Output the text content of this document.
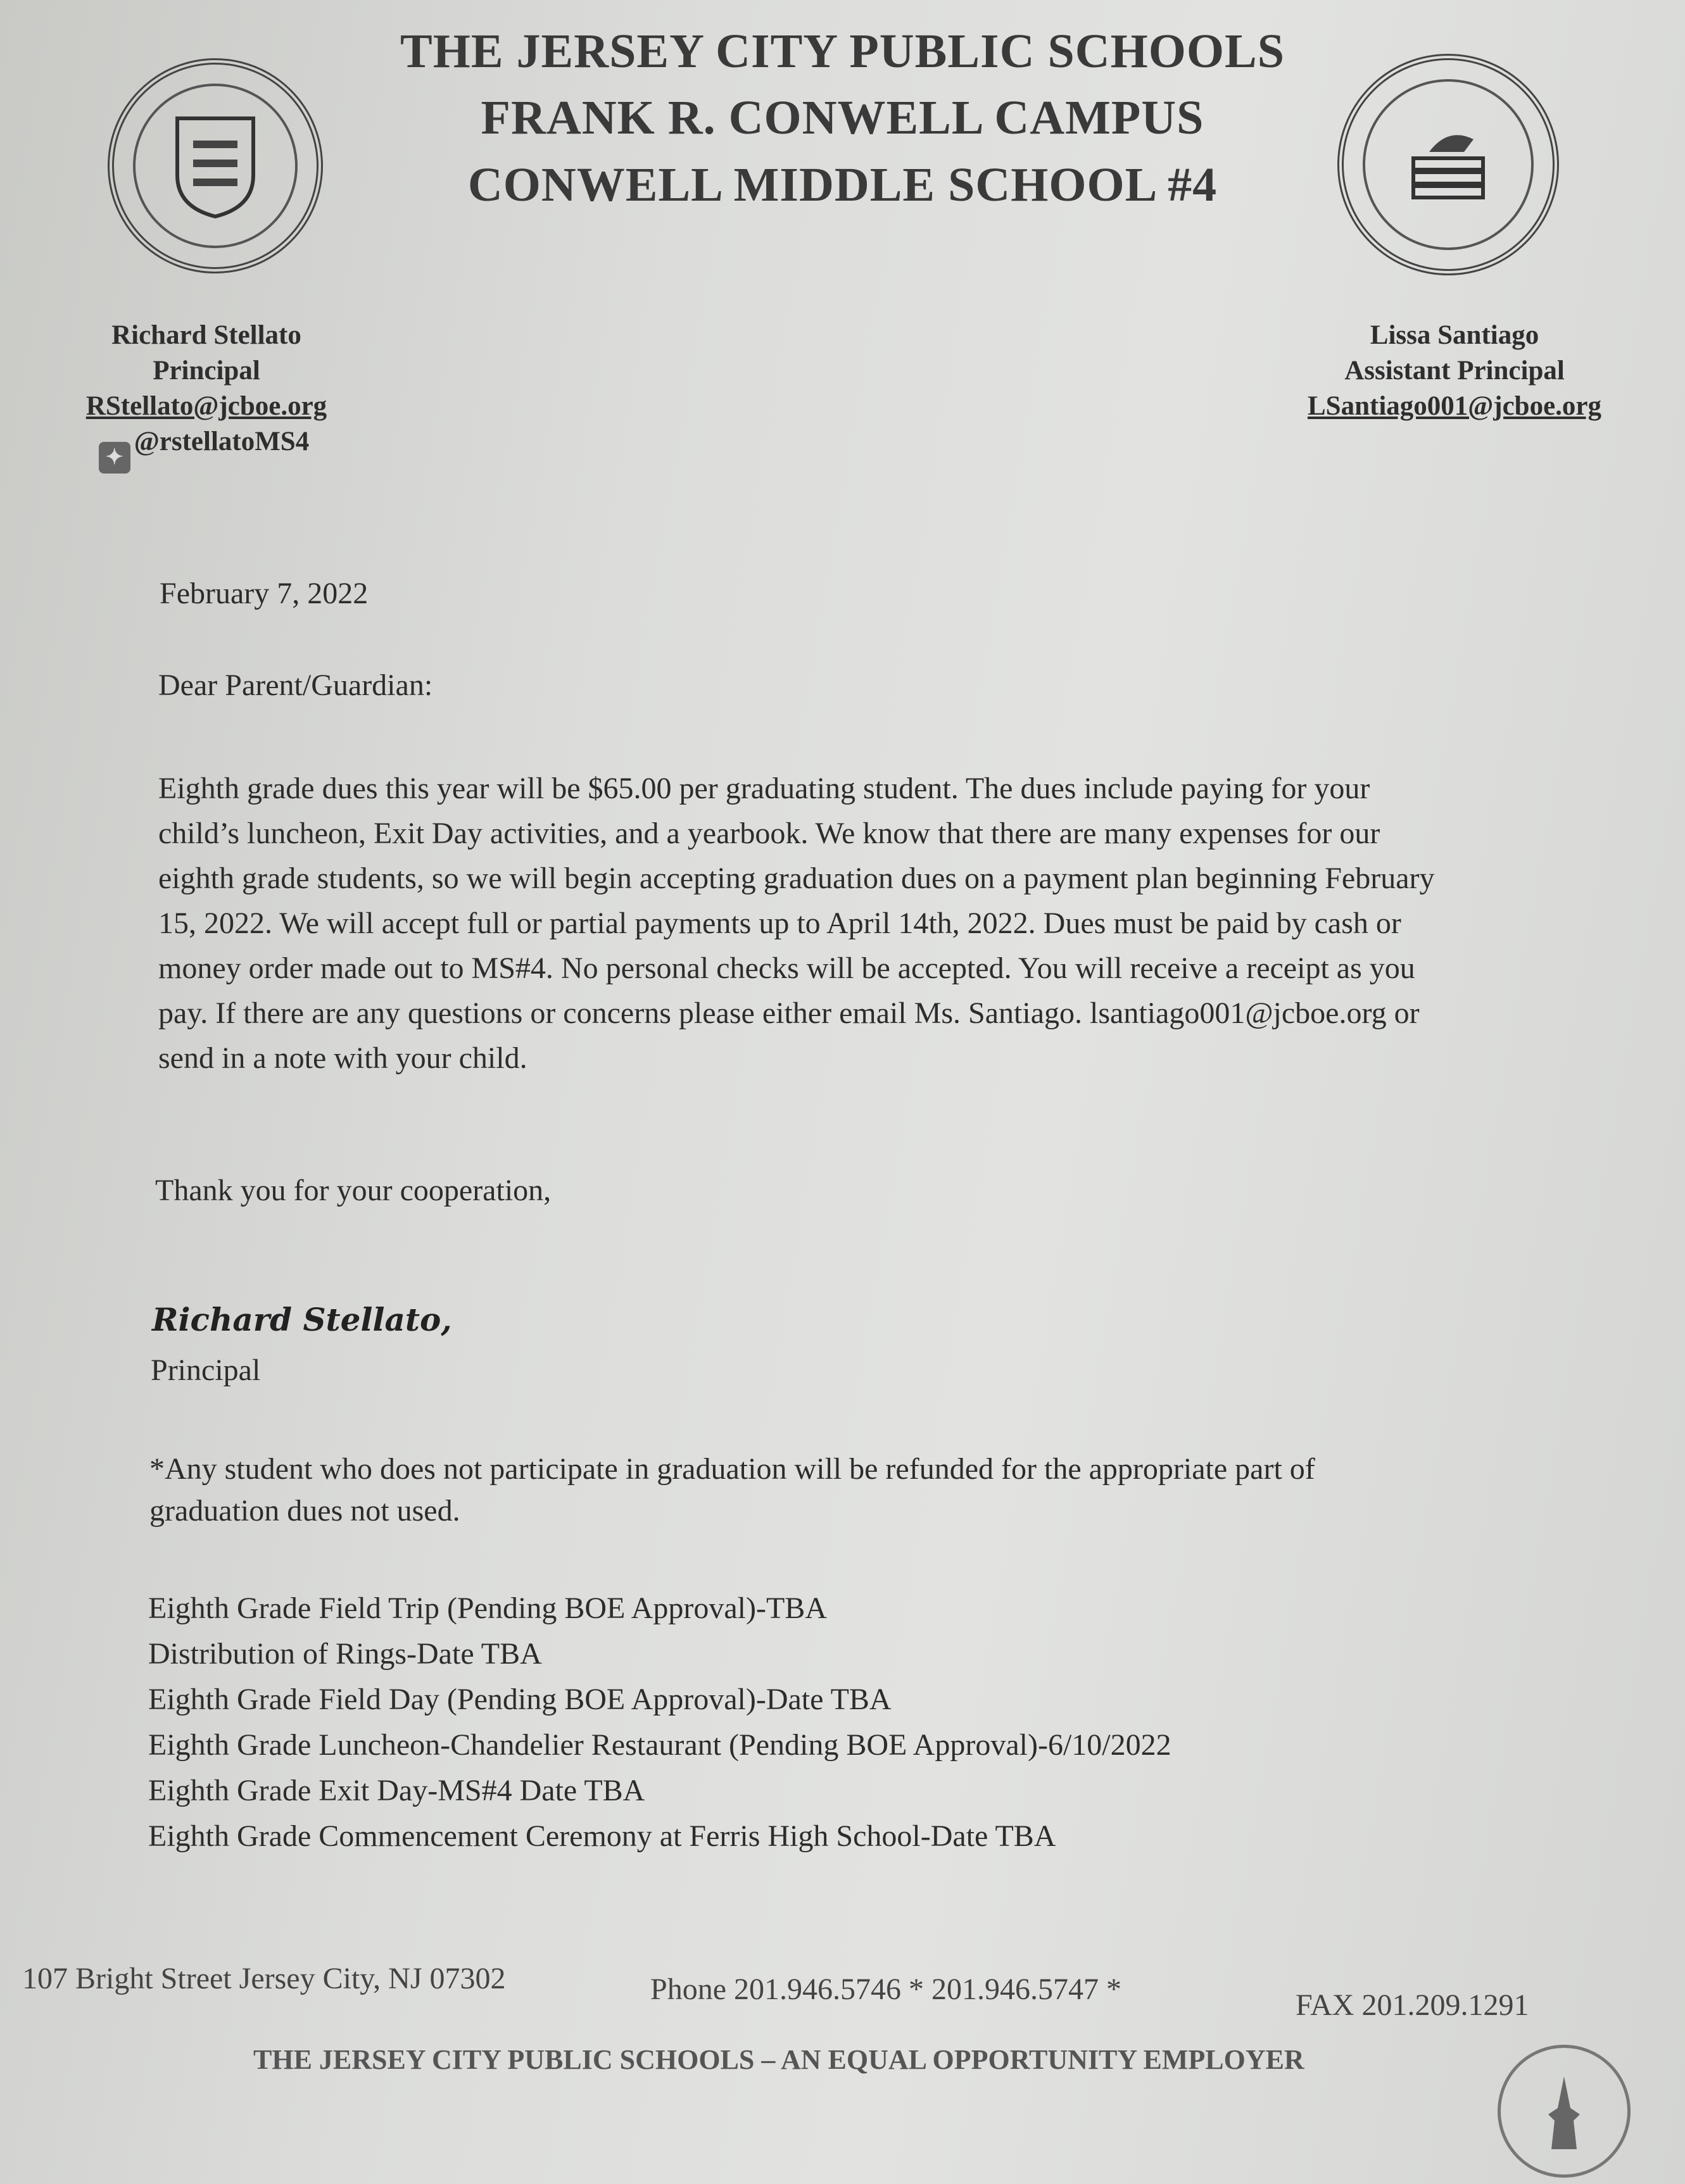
THE JERSEY CITY PUBLIC SCHOOLS
FRANK R. CONWELL CAMPUS
CONWELL MIDDLE SCHOOL #4
Richard Stellato
Principal
RStellato@jcboe.org
✦@rstellatoMS4
Lissa Santiago
Assistant Principal
LSantiago001@jcboe.org
February 7, 2022
Dear Parent/Guardian:
Eighth grade dues this year will be $65.00 per graduating student. The dues include paying for your
child’s luncheon, Exit Day activities, and a yearbook. We know that there are many expenses for our
eighth grade students, so we will begin accepting graduation dues on a payment plan beginning February
15, 2022. We will accept full or partial payments up to April 14th, 2022. Dues must be paid by cash or
money order made out to MS#4. No personal checks will be accepted. You will receive a receipt as you
pay. If there are any questions or concerns please either email Ms. Santiago. lsantiago001@jcboe.org or
send in a note with your child.
Thank you for your cooperation,
Richard Stellato,
Principal
*Any student who does not participate in graduation will be refunded for the appropriate part of
graduation dues not used.
Eighth Grade Field Trip (Pending BOE Approval)-TBA
Distribution of Rings-Date TBA
Eighth Grade Field Day (Pending BOE Approval)-Date TBA
Eighth Grade Luncheon-Chandelier Restaurant (Pending BOE Approval)-6/10/2022
Eighth Grade Exit Day-MS#4 Date TBA
Eighth Grade Commencement Ceremony at Ferris High School-Date TBA
107 Bright Street Jersey City, NJ 07302	Phone 201.946.5746 * 201.946.5747 *	FAX 201.209.1291
THE JERSEY CITY PUBLIC SCHOOLS – AN EQUAL OPPORTUNITY EMPLOYER
